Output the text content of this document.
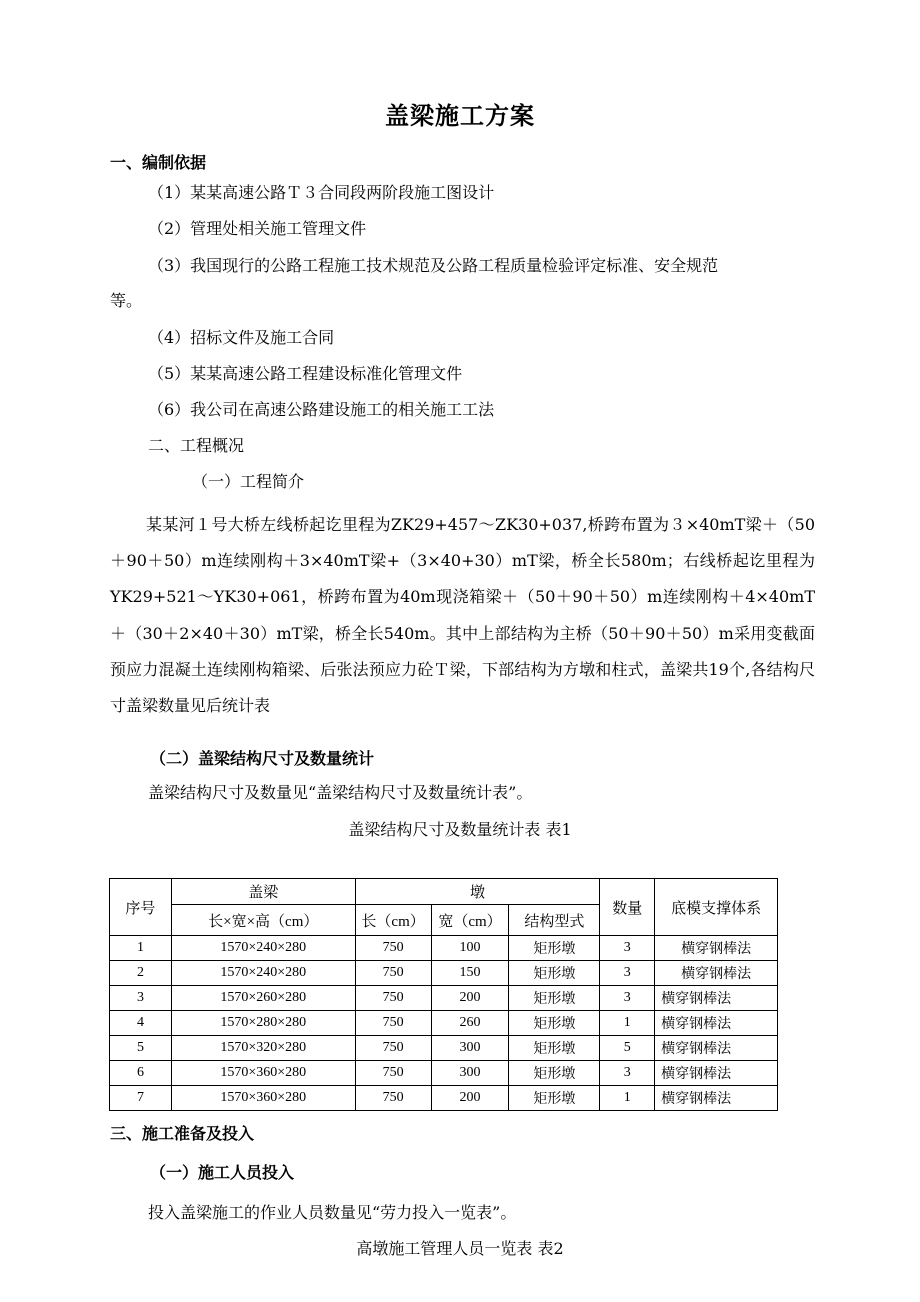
盖梁施工方案
一、编制依据
（1）某某高速公路Ｔ３合同段两阶段施工图设计
（2）管理处相关施工管理文件
（3）我国现行的公路工程施工技术规范及公路工程质量检验评定标准、安全规范
等。
（4）招标文件及施工合同
（5）某某高速公路工程建设标准化管理文件
（6）我公司在高速公路建设施工的相关施工工法
二、工程概况
（一）工程简介
某某河１号大桥左线桥起讫里程为ZK29+457～ZK30+037,桥跨布置为３×40mT梁＋（50＋90＋50）m连续刚构＋3×40mT梁+（3×40+30）mT梁，桥全长580m；右线桥起讫里程为YK29+521～YK30+061，桥跨布置为40m现浇箱梁＋（50＋90＋50）m连续刚构＋4×40mT＋（30＋2×40＋30）mT梁，桥全长540m。其中上部结构为主桥（50＋90＋50）m采用变截面预应力混凝土连续刚构箱梁、后张法预应力砼Ｔ梁，下部结构为方墩和柱式，盖梁共19个,各结构尺寸盖梁数量见后统计表
（二）盖梁结构尺寸及数量统计
盖梁结构尺寸及数量见“盖梁结构尺寸及数量统计表”。
盖梁结构尺寸及数量统计表 表1
序号	盖梁	墩			数量	底模支撑体系
	长×宽×高（cm）	长（cm）	宽（cm）	结构型式		
1	1570×240×280	750	100	矩形墩	3	横穿钢棒法
2	1570×240×280	750	150	矩形墩	3	横穿钢棒法
3	1570×260×280	750	200	矩形墩	3	横穿钢棒法
4	1570×280×280	750	260	矩形墩	1	横穿钢棒法
5	1570×320×280	750	300	矩形墩	5	横穿钢棒法
6	1570×360×280	750	300	矩形墩	3	横穿钢棒法
7	1570×360×280	750	200	矩形墩	1	横穿钢棒法
三、施工准备及投入
（一）施工人员投入
投入盖梁施工的作业人员数量见“劳力投入一览表”。
高墩施工管理人员一览表 表2
